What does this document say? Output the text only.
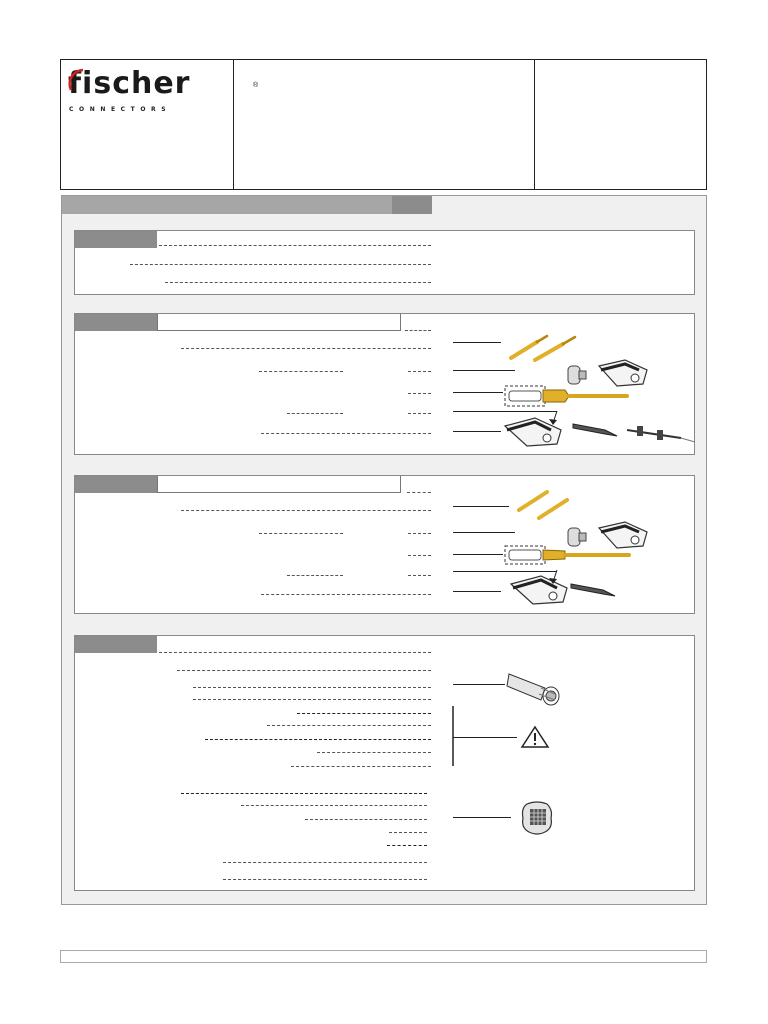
fischer	®
CONNECTORS
